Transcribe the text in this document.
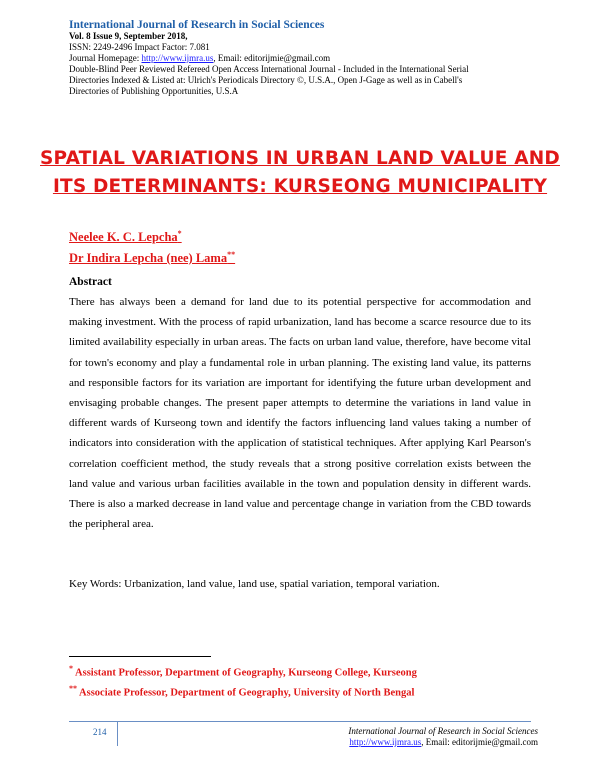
International Journal of Research in Social Sciences
Vol. 8 Issue 9, September 2018,
ISSN: 2249-2496 Impact Factor: 7.081
Journal Homepage: http://www.ijmra.us, Email: editorijmie@gmail.com
Double-Blind Peer Reviewed Refereed Open Access International Journal - Included in the International Serial
Directories Indexed & Listed at: Ulrich's Periodicals Directory ©, U.S.A., Open J-Gage as well as in Cabell's
Directories of Publishing Opportunities, U.S.A
SPATIAL VARIATIONS IN URBAN LAND VALUE AND
ITS DETERMINANTS: KURSEONG MUNICIPALITY
Neelee K. C. Lepcha*
Dr Indira Lepcha (nee) Lama**
Abstract
There has always been a demand for land due to its potential perspective for accommodation and making investment. With the process of rapid urbanization, land has become a scarce resource due to its limited availability especially in urban areas. The facts on urban land value, therefore, have become vital for town's economy and play a fundamental role in urban planning. The existing land value, its patterns and responsible factors for its variation are important for identifying the future urban development and envisaging probable changes. The present paper attempts to determine the variations in land value in different wards of Kurseong town and identify the factors influencing land values taking a number of indicators into consideration with the application of statistical techniques. After applying Karl Pearson's correlation coefficient method, the study reveals that a strong positive correlation exists between the land value and various urban facilities available in the town and population density in different wards. There is also a marked decrease in land value and percentage change in variation from the CBD towards the peripheral area.
Key Words: Urbanization, land value, land use, spatial variation, temporal variation.
* Assistant Professor, Department of Geography, Kurseong College, Kurseong
** Associate Professor, Department of Geography, University of North Bengal
214	International Journal of Research in Social Sciences
http://www.ijmra.us, Email: editorijmie@gmail.com
